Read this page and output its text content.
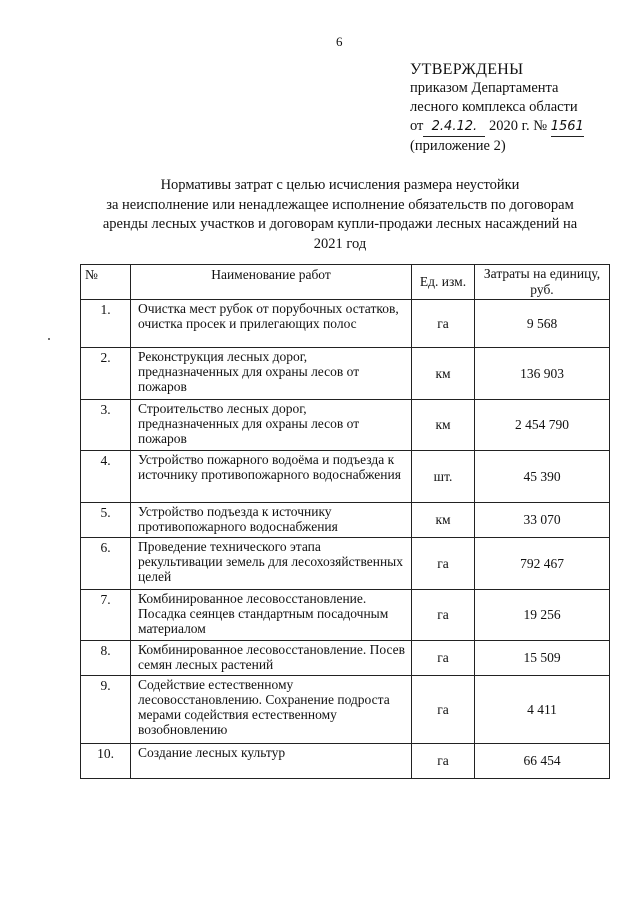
6
УТВЕРЖДЕНЫ
приказом Департамента
лесного комплекса области
от 2.4.12. 2020 г. № 1561
(приложение 2)
Нормативы затрат с целью исчисления размера неустойки
за неисполнение или ненадлежащее исполнение обязательств по договорам
аренды лесных участков и договорам купли-продажи лесных насаждений на
2021 год
№	Наименование работ	Ед. изм.	Затраты на единицу, руб.
1.	Очистка мест рубок от порубочных остатков, очистка просек и прилегающих полос	га	9 568
2.	Реконструкция лесных дорог, предназначенных для охраны лесов от пожаров	км	136 903
3.	Строительство лесных дорог, предназначенных для охраны лесов от пожаров	км	2 454 790
4.	Устройство пожарного водоёма и подъезда к источнику противопожарного водоснабжения	шт.	45 390
5.	Устройство подъезда к источнику противопожарного водоснабжения	км	33 070
6.	Проведение технического этапа рекультивации земель для лесохозяйственных целей	га	792 467
7.	Комбинированное лесовосстановление. Посадка сеянцев стандартным посадочным материалом	га	19 256
8.	Комбинированное лесовосстановление. Посев семян лесных растений	га	15 509
9.	Содействие естественному лесовосстановлению. Сохранение подроста мерами содействия естественному возобновлению	га	4 411
10.	Создание лесных культур	га	66 454
